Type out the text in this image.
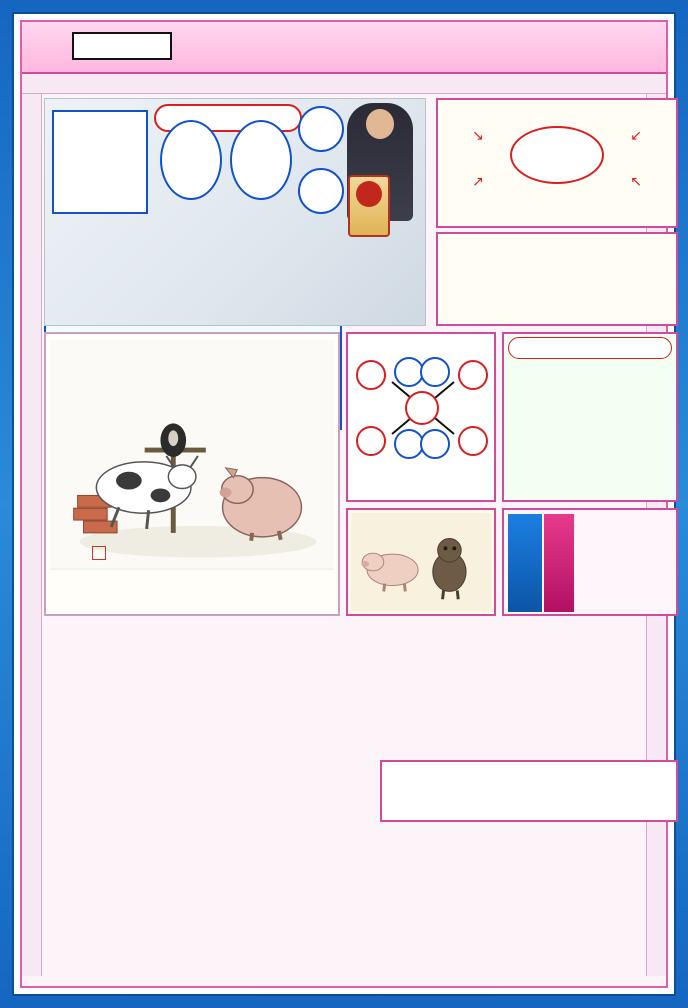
↘	↙
↗	↖
